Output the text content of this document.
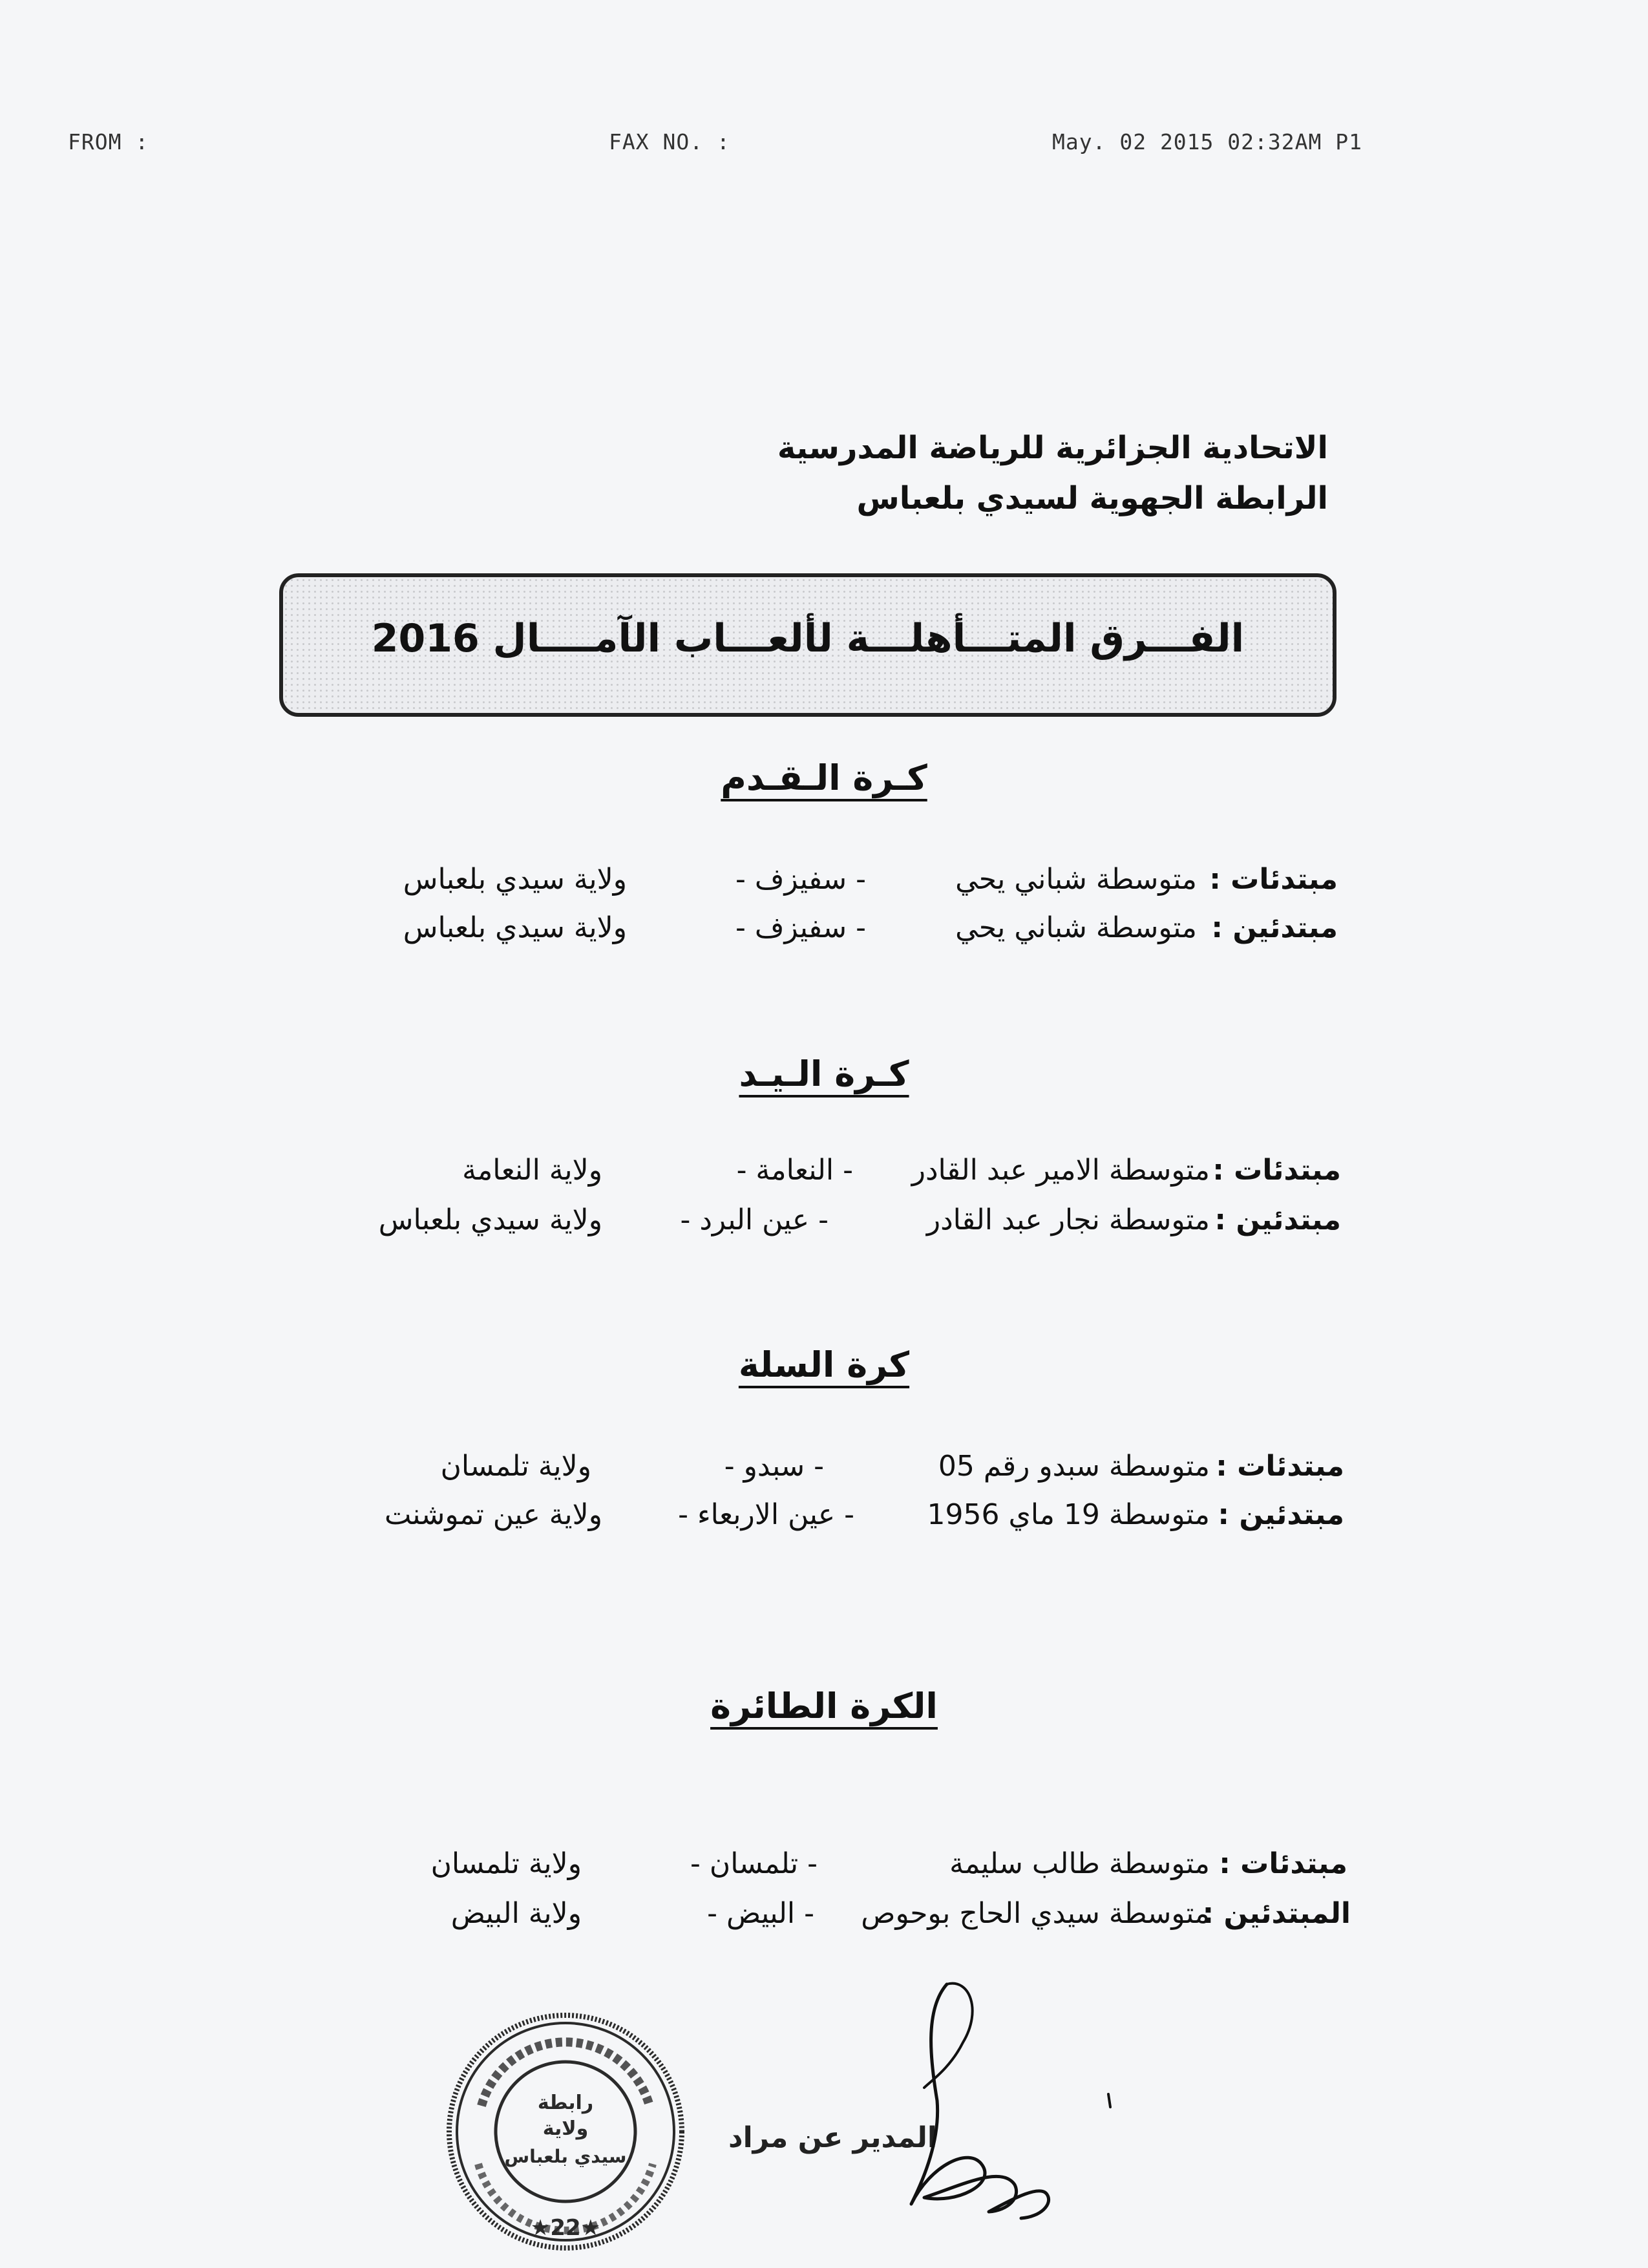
FROM :	FAX NO. :	May. 02 2015 02:32AM P1
الاتحادية الجزائرية للرياضة المدرسية
الرابطة الجهوية لسيدي بلعباس
الفـــرق المتـــأهلـــة لألعـــاب الآمــــال 2016
كـرة الـقـدم
مبتدئات :
متوسطة شباني يحي
- سفيزف -
ولاية سيدي بلعباس
مبتدئين :
متوسطة شباني يحي
- سفيزف -
ولاية سيدي بلعباس
كـرة الـيـد
مبتدئات :
متوسطة الامير عبد القادر
- النعامة -
ولاية النعامة
مبتدئين :
متوسطة نجار عبد القادر
- عين البرد -
ولاية سيدي بلعباس
كرة السلة
مبتدئات :
متوسطة سبدو رقم 05
- سبدو -
ولاية تلمسان
مبتدئين :
متوسطة 19 ماي 1956
- عين الاربعاء -
ولاية عين تموشنت
الكرة الطائرة
مبتدئات :
متوسطة طالب سليمة
- تلمسان -
ولاية تلمسان
المبتدئين :
متوسطة سيدي الحاج بوحوص
- البيض -
ولاية البيض
رابطة
ولاية
سيدي بلعباس
★22★
المدير عن مراد
